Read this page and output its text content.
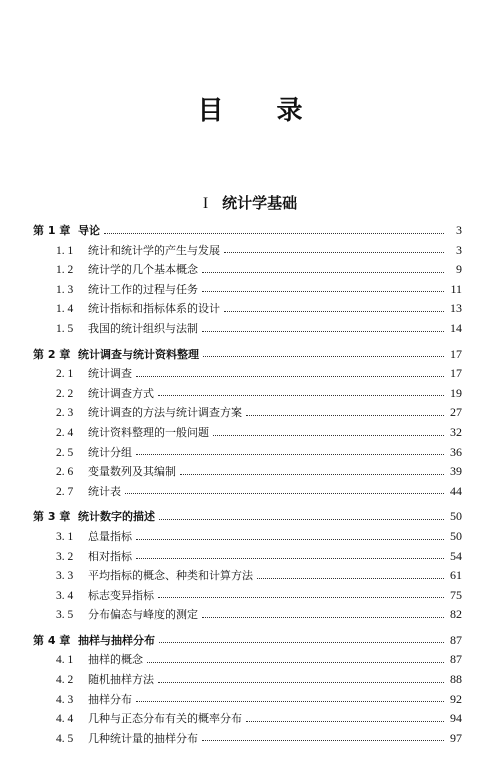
目 录
I 统计学基础
第 1 章 导论	3
1. 1	统计和统计学的产生与发展	3
1. 2	统计学的几个基本概念	9
1. 3	统计工作的过程与任务	11
1. 4	统计指标和指标体系的设计	13
1. 5	我国的统计组织与法制	14
第 2 章 统计调查与统计资料整理	17
2. 1	统计调查	17
2. 2	统计调查方式	19
2. 3	统计调查的方法与统计调查方案	27
2. 4	统计资料整理的一般问题	32
2. 5	统计分组	36
2. 6	变量数列及其编制	39
2. 7	统计表	44
第 3 章 统计数字的描述	50
3. 1	总量指标	50
3. 2	相对指标	54
3. 3	平均指标的概念、种类和计算方法	61
3. 4	标志变异指标	75
3. 5	分布偏态与峰度的测定	82
第 4 章 抽样与抽样分布	87
4. 1	抽样的概念	87
4. 2	随机抽样方法	88
4. 3	抽样分布	92
4. 4	几种与正态分布有关的概率分布	94
4. 5	几种统计量的抽样分布	97
